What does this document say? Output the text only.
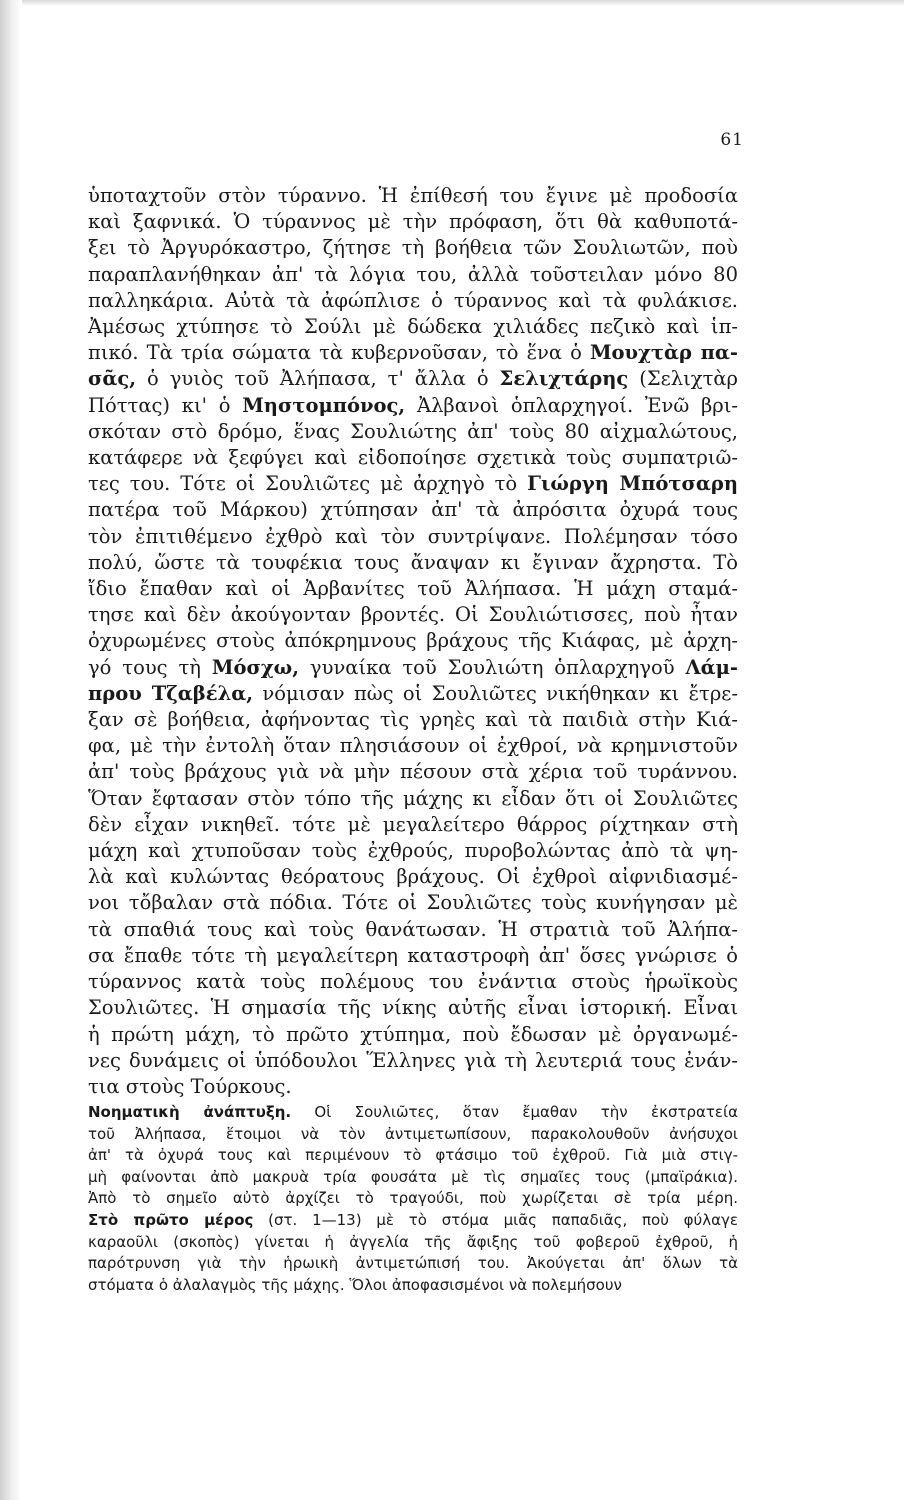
61
ὑποταχτοῦν στὸν τύραννο. Ἡ ἐπίθεσή του ἔγινε μὲ προδοσία
καὶ ξαφνικά. Ὁ τύραννος μὲ τὴν πρόφαση, ὅτι θὰ καθυποτά-
ξει τὸ Ἀργυρόκαστρο, ζήτησε τὴ βοήθεια τῶν Σουλιωτῶν, ποὺ
παραπλανήθηκαν ἀπ' τὰ λόγια του, ἀλλὰ τοῦστειλαν μόνο 80
παλληκάρια. Αὐτὰ τὰ ἀφώπλισε ὁ τύραννος καὶ τὰ φυλάκισε.
Ἀμέσως χτύπησε τὸ Σούλι μὲ δώδεκα χιλιάδες πεζικὸ καὶ ἱπ-
πικό. Τὰ τρία σώματα τὰ κυβερνοῦσαν, τὸ ἕνα ὁ Μουχτὰρ πα-
σᾶς, ὁ γυιὸς τοῦ Ἀλήπασα, τ' ἄλλα ὁ Σελιχτάρης (Σελιχτὰρ
Πόττας) κι' ὁ Μηστομπόνος, Ἀλβανοὶ ὁπλαρχηγοί. Ἐνῶ βρι-
σκόταν στὸ δρόμο, ἕνας Σουλιώτης ἀπ' τοὺς 80 αἰχμαλώτους,
κατάφερε νὰ ξεφύγει καὶ εἰδοποίησε σχετικὰ τοὺς συμπατριῶ-
τες του. Τότε οἱ Σουλιῶτες μὲ ἀρχηγὸ τὸ Γιώργη Μπότσαρη
πατέρα τοῦ Μάρκου) χτύπησαν ἀπ' τὰ ἀπρόσιτα ὀχυρά τους
τὸν ἐπιτιθέμενο ἐχθρὸ καὶ τὸν συντρίψανε. Πολέμησαν τόσο
πολύ, ὥστε τὰ τουφέκια τους ἄναψαν κι ἔγιναν ἄχρηστα. Τὸ
ἴδιο ἔπαθαν καὶ οἱ Ἀρβανίτες τοῦ Ἀλήπασα. Ἡ μάχη σταμά-
τησε καὶ δὲν ἀκούγονταν βροντές. Οἱ Σουλιώτισσες, ποὺ ἦταν
ὀχυρωμένες στοὺς ἀπόκρημνους βράχους τῆς Κιάφας, μὲ ἀρχη-
γό τους τὴ Μόσχω, γυναίκα τοῦ Σουλιώτη ὁπλαρχηγοῦ Λάμ-
πρου Τζαβέλα, νόμισαν πὼς οἱ Σουλιῶτες νικήθηκαν κι ἔτρε-
ξαν σὲ βοήθεια, ἀφήνοντας τὶς γρηὲς καὶ τὰ παιδιὰ στὴν Κιά-
φα, μὲ τὴν ἐντολὴ ὅταν πλησιάσουν οἱ ἐχθροί, νὰ κρημνιστοῦν
ἀπ' τοὺς βράχους γιὰ νὰ μὴν πέσουν στὰ χέρια τοῦ τυράννου.
Ὅταν ἔφτασαν στὸν τόπο τῆς μάχης κι εἶδαν ὅτι οἱ Σουλιῶτες
δὲν εἶχαν νικηθεῖ. τότε μὲ μεγαλείτερο θάρρος ρίχτηκαν στὴ
μάχη καὶ χτυποῦσαν τοὺς ἐχθρούς, πυροβολώντας ἀπὸ τὰ ψη-
λὰ καὶ κυλώντας θεόρατους βράχους. Οἱ ἐχθροὶ αἰφνιδιασμέ-
νοι τὄβαλαν στὰ πόδια. Τότε οἱ Σουλιῶτες τοὺς κυνήγησαν μὲ
τὰ σπαθιά τους καὶ τοὺς θανάτωσαν. Ἡ στρατιὰ τοῦ Ἀλήπα-
σα ἔπαθε τότε τὴ μεγαλείτερη καταστροφὴ ἀπ' ὅσες γνώρισε ὁ
τύραννος κατὰ τοὺς πολέμους του ἐνάντια στοὺς ἡρωϊκοὺς
Σουλιῶτες. Ἡ σημασία τῆς νίκης αὐτῆς εἶναι ἱστορική. Εἶναι
ἡ πρώτη μάχη, τὸ πρῶτο χτύπημα, ποὺ ἔδωσαν μὲ ὀργανωμέ-
νες δυνάμεις οἱ ὑπόδουλοι Ἕλληνες γιὰ τὴ λευτεριά τους ἐνάν-
τια στοὺς Τούρκους.
Νοηματικὴ ἀνάπτυξη. Οἱ Σουλιῶτες, ὅταν ἔμαθαν τὴν ἐκστρατεία
τοῦ Ἀλήπασα, ἕτοιμοι νὰ τὸν ἀντιμετωπίσουν, παρακολουθοῦν ἀνήσυχοι
ἀπ' τὰ ὀχυρά τους καὶ περιμένουν τὸ φτάσιμο τοῦ ἐχθροῦ. Γιὰ μιὰ στιγ-
μὴ φαίνονται ἀπὸ μακρυὰ τρία φουσάτα μὲ τὶς σημαῖες τους (μπαϊράκια).
Ἀπὸ τὸ σημεῖο αὐτὸ ἀρχίζει τὸ τραγούδι, ποὺ χωρίζεται σὲ τρία μέρη.
Στὸ πρῶτο μέρος (στ. 1—13) μὲ τὸ στόμα μιᾶς παπαδιᾶς, ποὺ φύλαγε
καραοῦλι (σκοπὸς) γίνεται ἡ ἀγγελία τῆς ἄφιξης τοῦ φοβεροῦ ἐχθροῦ, ἡ
παρότρυνση γιὰ τὴν ἡρωικὴ ἀντιμετώπισή του. Ἀκούγεται ἀπ' ὅλων τὰ
στόματα ὁ ἀλαλαγμὸς τῆς μάχης. Ὅλοι ἀποφασισμένοι νὰ πολεμήσουν
